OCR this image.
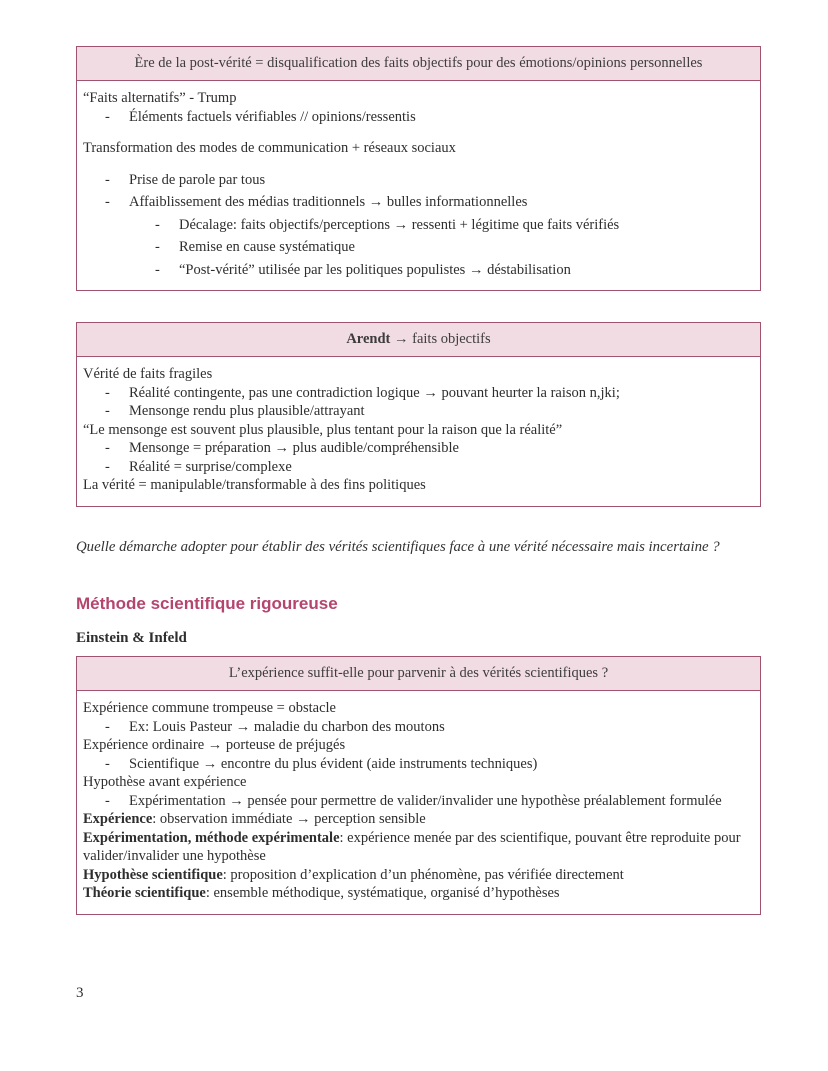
Ère de la post-vérité = disqualification des faits objectifs pour des émotions/opinions personnelles
“Faits alternatifs” - Trump
-	Éléments factuels vérifiables // opinions/ressentis
Transformation des modes de communication + réseaux sociaux
-	Prise de parole par tous
-	Affaiblissement des médias traditionnels → bulles informationnelles
-	Décalage: faits objectifs/perceptions → ressenti + légitime que faits vérifiés
-	Remise en cause systématique
-	“Post-vérité” utilisée par les politiques populistes → déstabilisation
Arendt → faits objectifs
Vérité de faits fragiles
-	Réalité contingente, pas une contradiction logique → pouvant heurter la raison n,jki;
-	Mensonge rendu plus plausible/attrayant
“Le mensonge est souvent plus plausible, plus tentant pour la raison que la réalité”
-	Mensonge = préparation → plus audible/compréhensible
-	Réalité = surprise/complexe
La vérité = manipulable/transformable à des fins politiques
Quelle démarche adopter pour établir des vérités scientifiques face à une vérité nécessaire mais incertaine ?
Méthode scientifique rigoureuse
Einstein & Infeld
L’expérience suffit-elle pour parvenir à des vérités scientifiques ?
Expérience commune trompeuse = obstacle
-	Ex: Louis Pasteur → maladie du charbon des moutons
Expérience ordinaire → porteuse de préjugés
-	Scientifique → encontre du plus évident (aide instruments techniques)
Hypothèse avant expérience
-	Expérimentation → pensée pour permettre de valider/invalider une hypothèse préalablement formulée
Expérience: observation immédiate → perception sensible
Expérimentation, méthode expérimentale: expérience menée par des scientifique, pouvant être reproduite pour valider/invalider une hypothèse
Hypothèse scientifique: proposition d’explication d’un phénomène, pas vérifiée directement
Théorie scientifique: ensemble méthodique, systématique, organisé d’hypothèses
3
